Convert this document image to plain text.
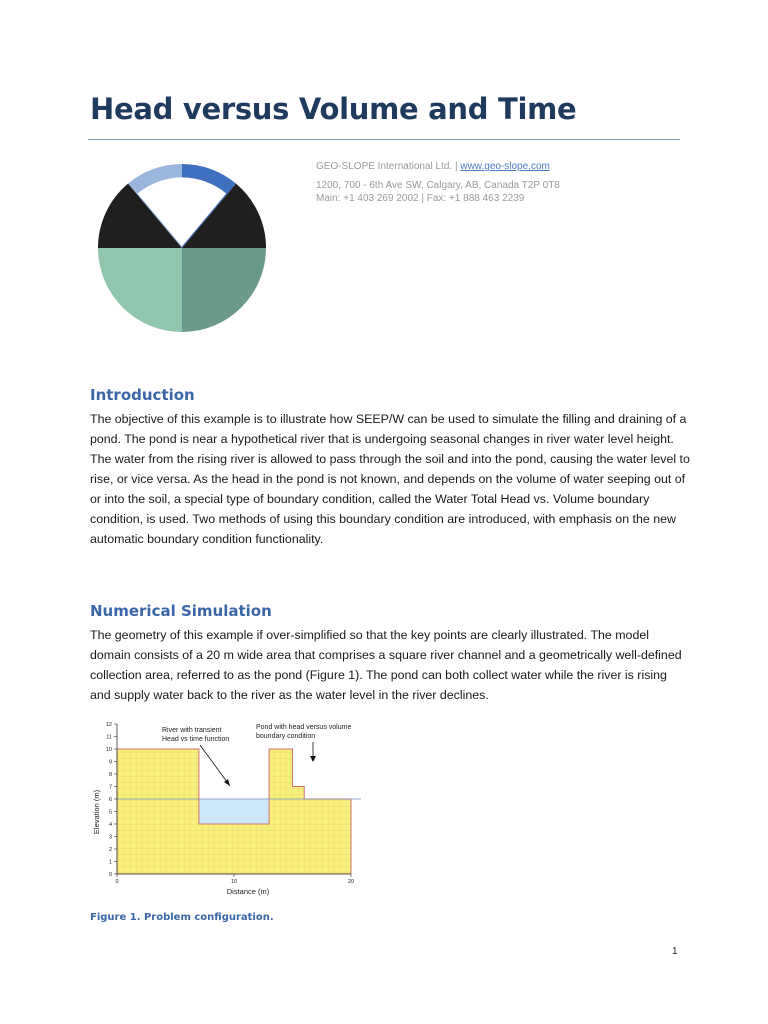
Head versus Volume and Time
GEO-SLOPE International Ltd. | www.geo-slope.com
1200, 700 - 6th Ave SW, Calgary, AB, Canada T2P 0T8
Main: +1 403 269 2002 | Fax: +1 888 463 2239
Introduction

The objective of this example is to illustrate how SEEP/W can be used to simulate the filling and draining of a pond. The pond is near a hypothetical river that is undergoing seasonal changes in river water level height. The water from the rising river is allowed to pass through the soil and into the pond, causing the water level to rise, or vice versa. As the head in the pond is not known, and depends on the volume of water seeping out of or into the soil, a special type of boundary condition, called the Water Total Head vs. Volume boundary condition, is used. Two methods of using this boundary condition are introduced, with emphasis on the new automatic boundary condition functionality.

Numerical Simulation

The geometry of this example if over-simplified so that the key points are clearly illustrated. The model domain consists of a 20 m wide area that comprises a square river channel and a geometrically well-defined collection area, referred to as the pond (Figure 1). The pond can both collect water while the river is rising and supply water back to the river as the water level in the river declines.

0
1
2
3
4
5
6
7
8
9
10
11
12
0	10	20
River with transient
Head vs time function
Pond with head versus volume
boundary condition
Distance (m)
Elevation (m)

Figure 1. Problem configuration.

1
